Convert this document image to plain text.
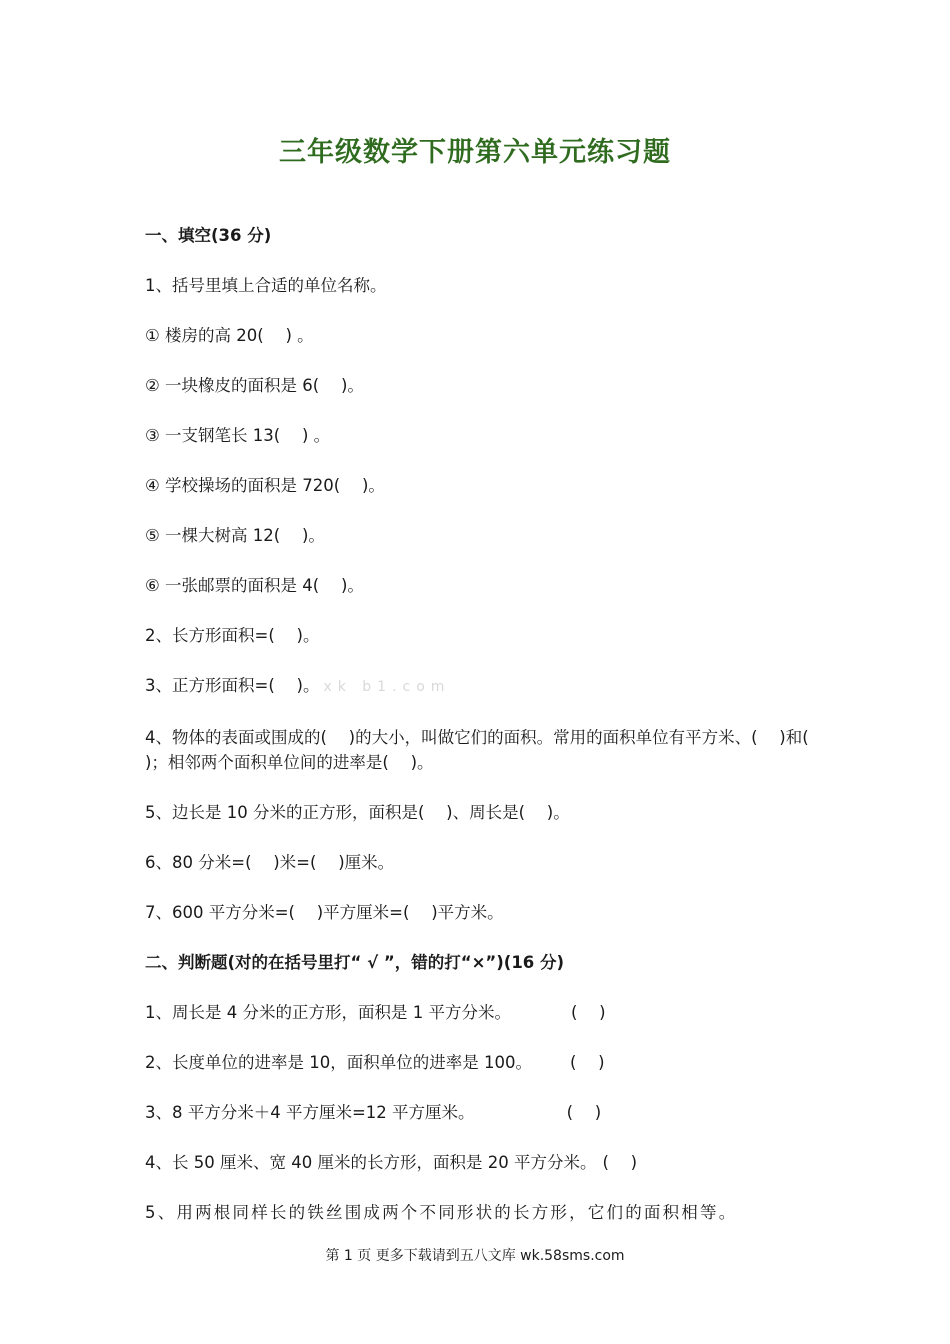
三年级数学下册第六单元练习题
一、填空(36 分)
1、括号里填上合适的单位名称。
① 楼房的高 20(　 ) 。
② 一块橡皮的面积是 6(　 )。
③ 一支钢笔长 13(　 ) 。
④ 学校操场的面积是 720(　 )。
⑤ 一棵大树高 12(　 )。
⑥ 一张邮票的面积是 4(　 )。
2、长方形面积=(　 )。
3、正方形面积=(　 )。 xk b1.com
4、物体的表面或围成的(　 )的大小，叫做它们的面积。常用的面积单位有平方米、(　 )和(　 )；相邻两个面积单位间的进率是(　 )。
5、边长是 10 分米的正方形，面积是(　 )、周长是(　 )。
6、80 分米=(　 )米=(　 )厘米。
7、600 平方分米=(　 )平方厘米=(　 )平方米。
二、判断题(对的在括号里打“ √ ”，错的打“×”)(16 分)
1、周长是 4 分米的正方形，面积是 1 平方分米。	(　 )
2、长度单位的进率是 10，面积单位的进率是 100。 (　 )
3、8 平方分米＋4 平方厘米=12 平方厘米。	(　 )
4、长 50 厘米、宽 40 厘米的长方形，面积是 20 平方分米。 (　 )
5、用两根同样长的铁丝围成两个不同形状的长方形，它们的面积相等。
第 1 页 更多下载请到五八文库 wk.58sms.com
